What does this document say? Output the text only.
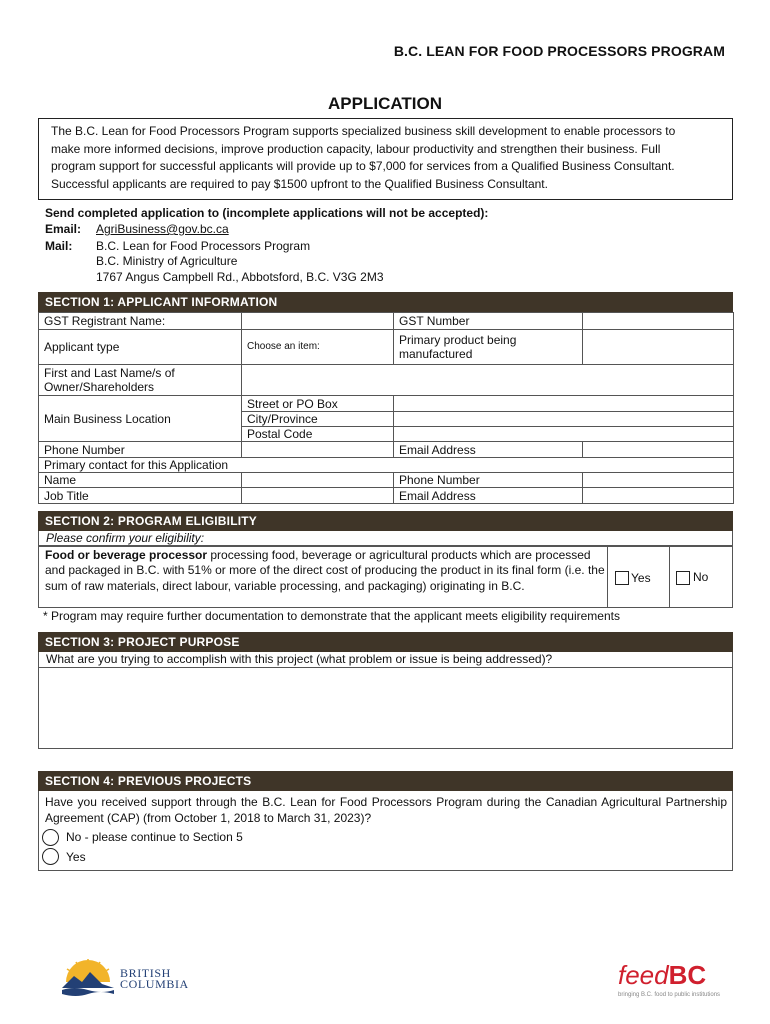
B.C. LEAN FOR FOOD PROCESSORS PROGRAM
APPLICATION
The B.C. Lean for Food Processors Program supports specialized business skill development to enable processors to
make more informed decisions, improve production capacity, labour productivity and strengthen their business. Full
program support for successful applicants will provide up to $7,000 for services from a Qualified Business Consultant.
Successful applicants are required to pay $1500 upfront to the Qualified Business Consultant.
Send completed application to (incomplete applications will not be accepted):
Email: AgriBusiness@gov.bc.ca
Mail: B.C. Lean for Food Processors Program
B.C. Ministry of Agriculture
1767 Angus Campbell Rd., Abbotsford, B.C. V3G 2M3
SECTION 1: APPLICANT INFORMATION
GST Registrant Name:		GST Number	
Applicant type	Choose an item:	Primary product being manufactured	
First and Last Name/s of Owner/Shareholders			
Main Business Location	Street or PO Box		
	City/Province		
	Postal Code		
Phone Number		Email Address	
Primary contact for this Application			
Name		Phone Number	
Job Title		Email Address	
SECTION 2: PROGRAM ELIGIBILITY
Please confirm your eligibility:
Food or beverage processor processing food, beverage or agricultural products which are processed and packaged in B.C. with 51% or more of the direct cost of producing the product in its final form (i.e. the sum of raw materials, direct labour, variable processing, and packaging) originating in B.C.
Yes	No
* Program may require further documentation to demonstrate that the applicant meets eligibility requirements
SECTION 3: PROJECT PURPOSE
What are you trying to accomplish with this project (what problem or issue is being addressed)?
SECTION 4: PREVIOUS PROJECTS
Have you received support through the B.C. Lean for Food Processors Program during the Canadian Agricultural Partnership Agreement (CAP) (from October 1, 2018 to March 31, 2023)?
No - please continue to Section 5
Yes
BRITISH
COLUMBIA	feedBC
bringing B.C. food to public institutions
